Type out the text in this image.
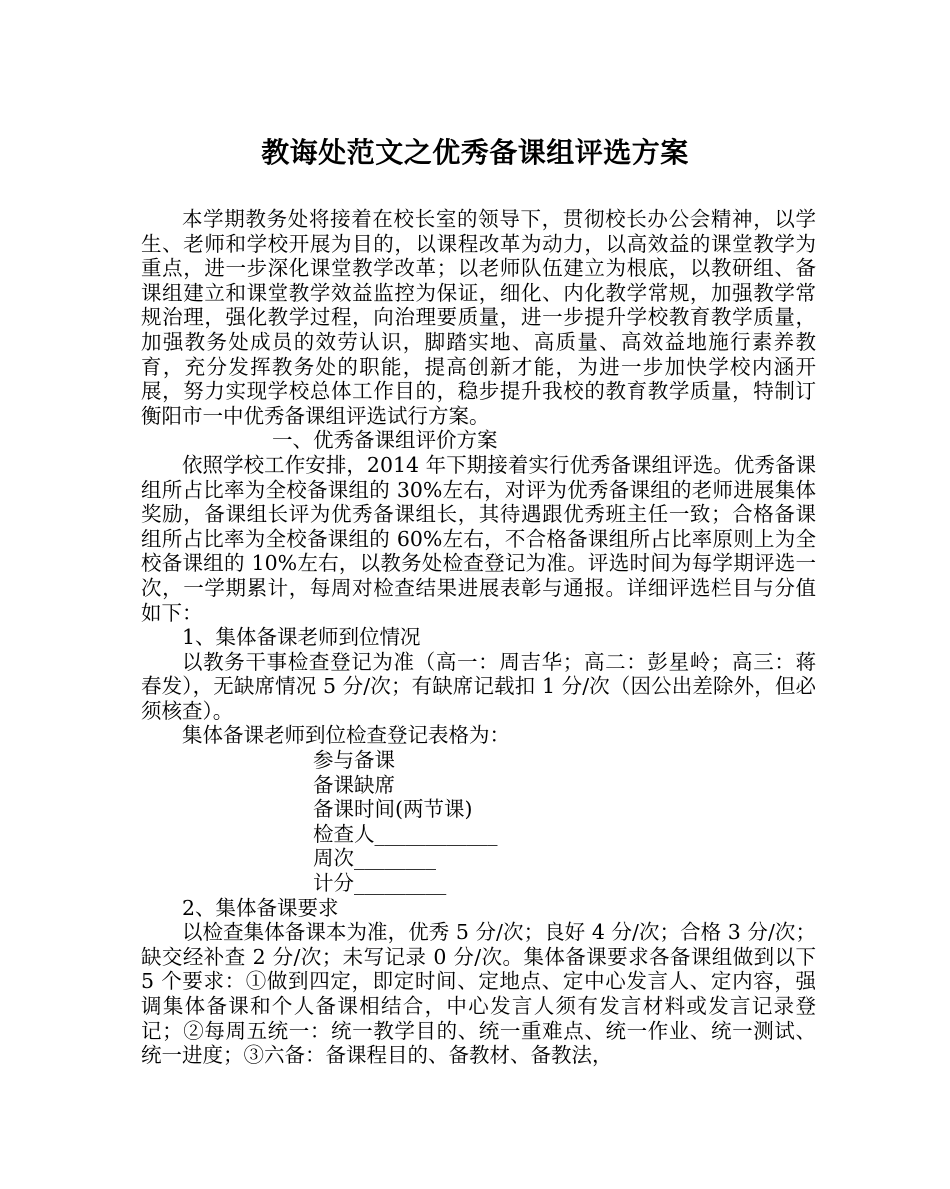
教诲处范文之优秀备课组评选方案

本学期教务处将接着在校长室的领导下，贯彻校长办公会精神，以学生、老师和学校开展为目的，以课程改革为动力，以高效益的课堂教学为重点，进一步深化课堂教学改革；以老师队伍建立为根底，以教研组、备课组建立和课堂教学效益监控为保证，细化、内化教学常规，加强教学常规治理，强化教学过程，向治理要质量，进一步提升学校教育教学质量，加强教务处成员的效劳认识，脚踏实地、高质量、高效益地施行素养教育，充分发挥教务处的职能，提高创新才能，为进一步加快学校内涵开展，努力实现学校总体工作目的，稳步提升我校的教育教学质量，特制订衡阳市一中优秀备课组评选试行方案。

一、优秀备课组评价方案

依照学校工作安排，2014 年下期接着实行优秀备课组评选。优秀备课组所占比率为全校备课组的 30%左右，对评为优秀备课组的老师进展集体奖励，备课组长评为优秀备课组长，其待遇跟优秀班主任一致；合格备课组所占比率为全校备课组的 60%左右，不合格备课组所占比率原则上为全校备课组的 10%左右，以教务处检查登记为准。评选时间为每学期评选一次，一学期累计，每周对检查结果进展表彰与通报。详细评选栏目与分值如下：

1、集体备课老师到位情况

以教务干事检查登记为准（高一：周吉华；高二：彭星岭；高三：蒋春发），无缺席情况 5 分/次；有缺席记载扣 1 分/次（因公出差除外，但必须核查）。

集体备课老师到位检查登记表格为：

参与备课

备课缺席

备课时间(两节课)

检查人____________

周次________

计分_________

2、集体备课要求

以检查集体备课本为准，优秀 5 分/次；良好 4 分/次；合格 3 分/次；缺交经补查 2 分/次；未写记录 0 分/次。集体备课要求各备课组做到以下 5 个要求：①做到四定，即定时间、定地点、定中心发言人、定内容，强调集体备课和个人备课相结合，中心发言人须有发言材料或发言记录登记；②每周五统一：统一教学目的、统一重难点、统一作业、统一测试、统一进度；③六备：备课程目的、备教材、备教法，
